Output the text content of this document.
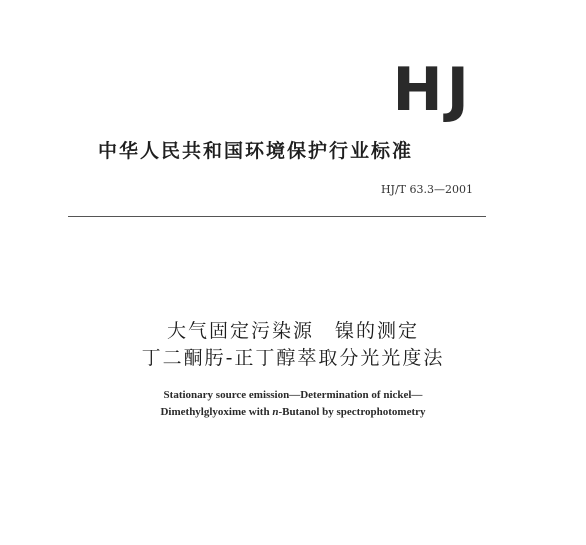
HJ
中华人民共和国环境保护行业标准
HJ/T 63.3—2001
大气固定污染源　镍的测定
丁二酮肟-正丁醇萃取分光光度法
Stationary source emission—Determination of nickel—
Dimethylglyoxime with n-Butanol by spectrophotometry
